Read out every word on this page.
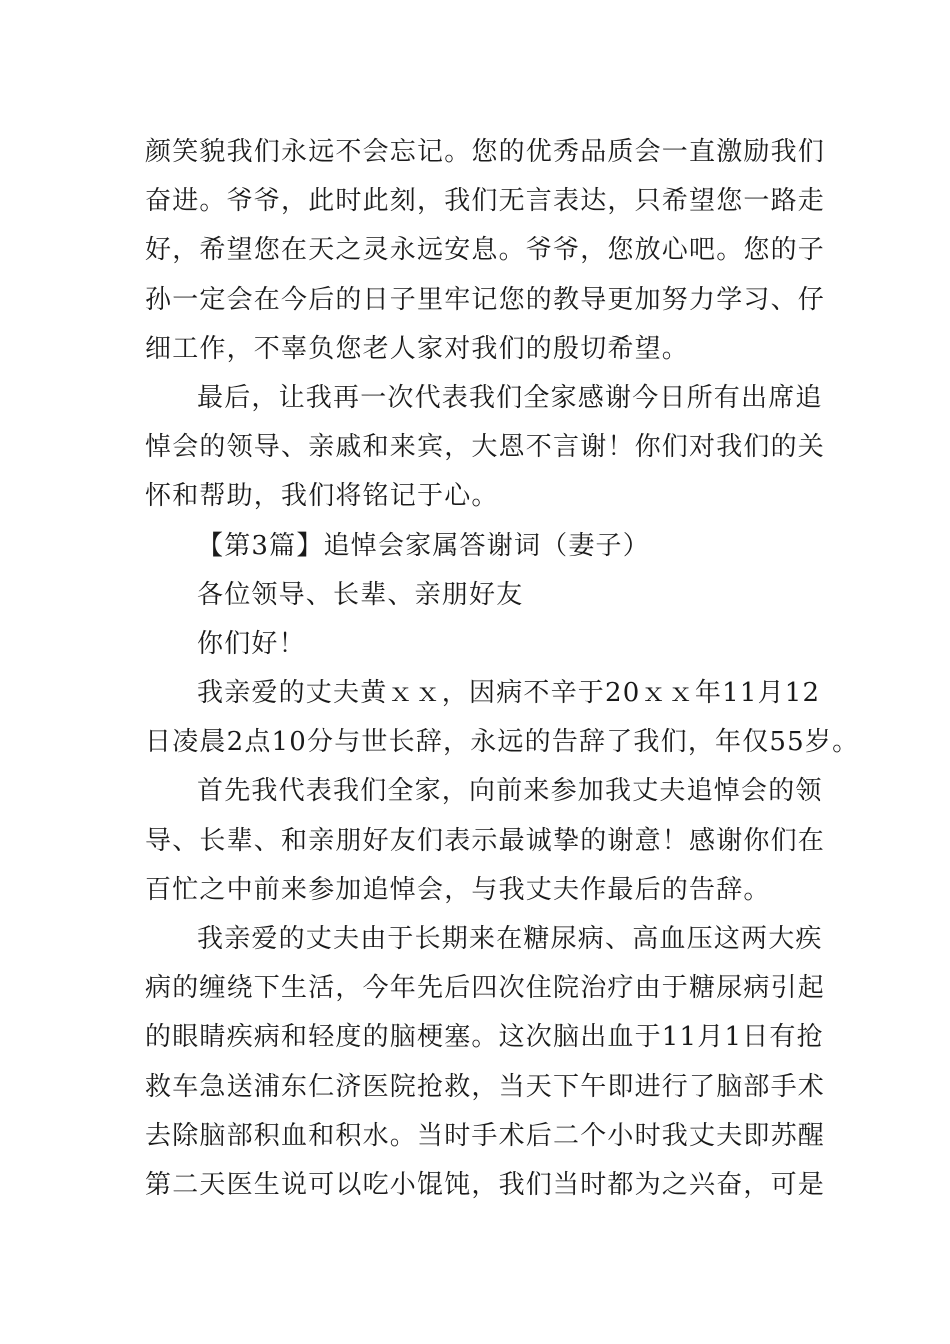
颜笑貌我们永远不会忘记。您的优秀品质会一直激励我们
奋进。爷爷，此时此刻，我们无言表达，只希望您一路走
好，希望您在天之灵永远安息。爷爷，您放心吧。您的子
孙一定会在今后的日子里牢记您的教导更加努力学习、仔
细工作，不辜负您老人家对我们的殷切希望。
最后，让我再一次代表我们全家感谢今日所有出席追
悼会的领导、亲戚和来宾，大恩不言谢！你们对我们的关
怀和帮助，我们将铭记于心。
【第3篇】追悼会家属答谢词（妻子）
各位领导、长辈、亲朋好友
你们好！
我亲爱的丈夫黄ｘｘ，因病不辛于20ｘｘ年11月12
日凌晨2点10分与世长辞，永远的告辞了我们，年仅55岁。
首先我代表我们全家，向前来参加我丈夫追悼会的领
导、长辈、和亲朋好友们表示最诚挚的谢意！感谢你们在
百忙之中前来参加追悼会，与我丈夫作最后的告辞。
我亲爱的丈夫由于长期来在糖尿病、高血压这两大疾
病的缠绕下生活，今年先后四次住院治疗由于糖尿病引起
的眼睛疾病和轻度的脑梗塞。这次脑出血于11月1日有抢
救车急送浦东仁济医院抢救，当天下午即进行了脑部手术
去除脑部积血和积水。当时手术后二个小时我丈夫即苏醒
第二天医生说可以吃小馄饨，我们当时都为之兴奋，可是
